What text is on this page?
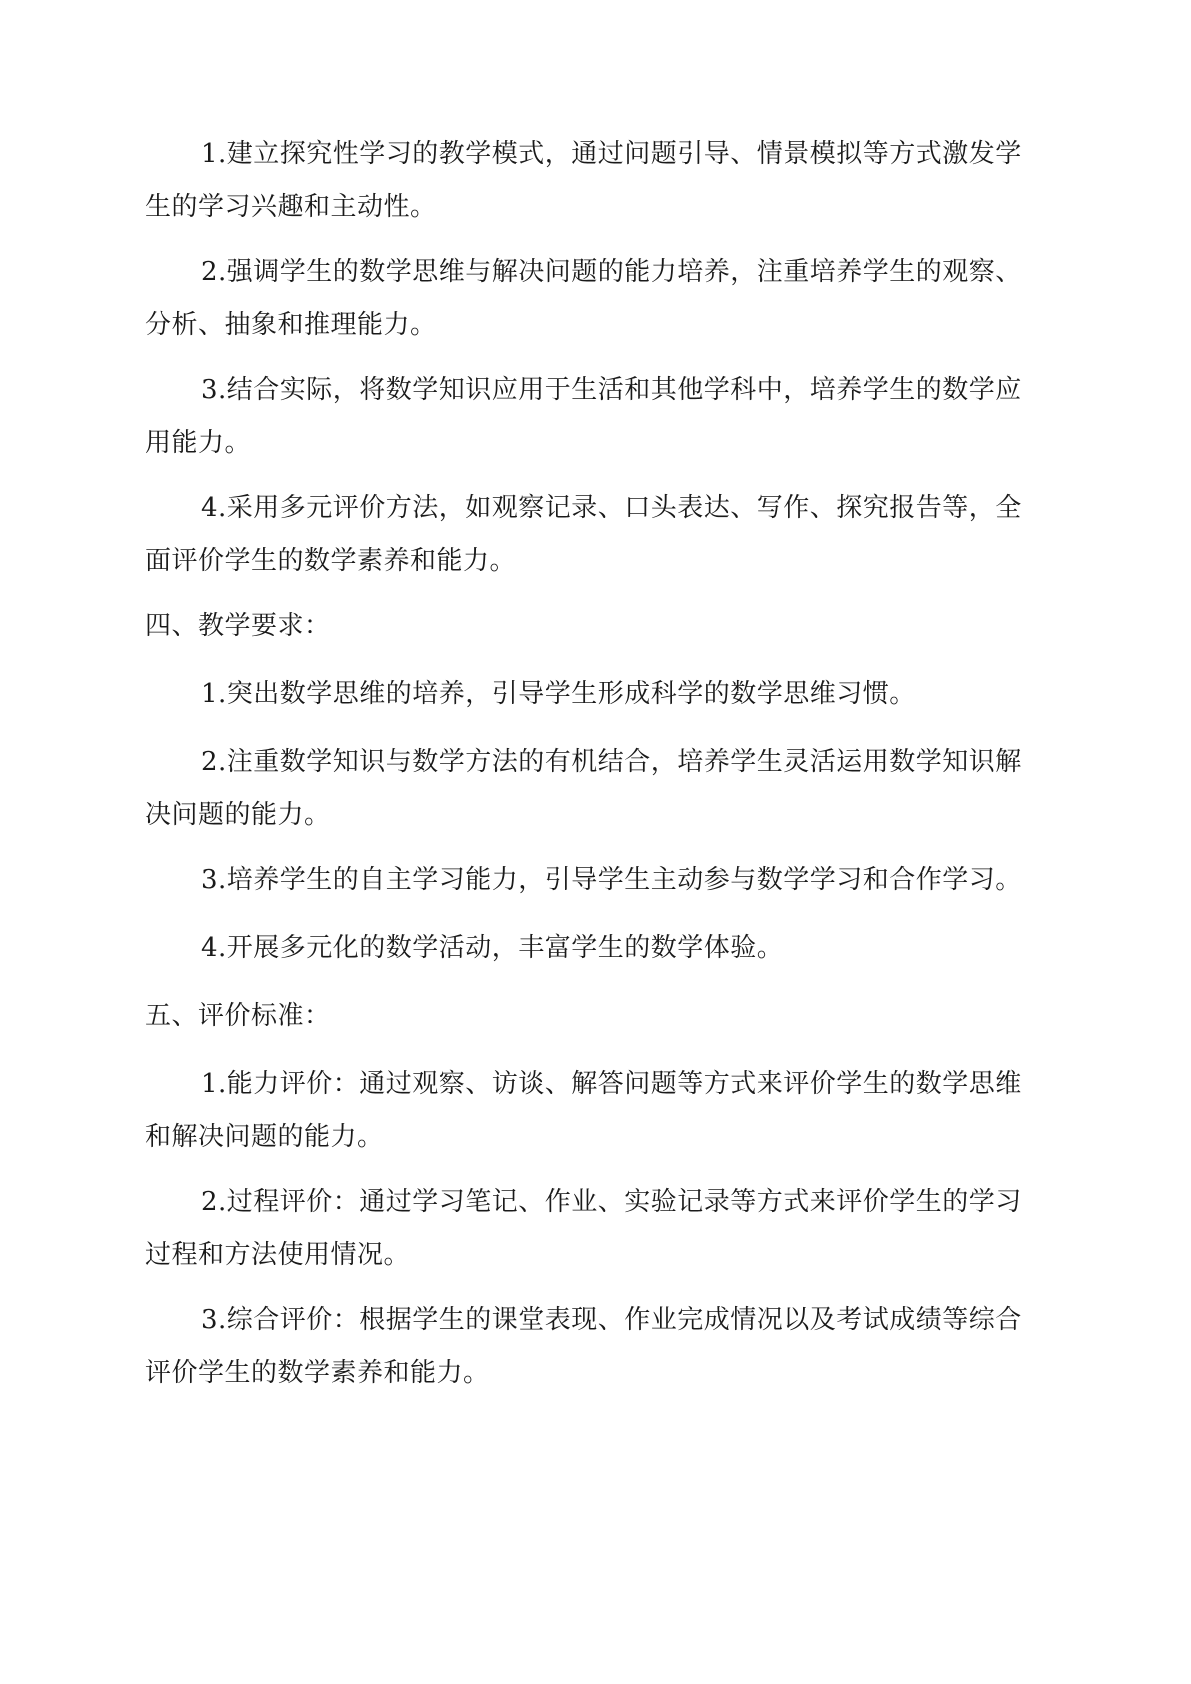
1.建立探究性学习的教学模式，通过问题引导、情景模拟等方式激发学生的学习兴趣和主动性。

2.强调学生的数学思维与解决问题的能力培养，注重培养学生的观察、分析、抽象和推理能力。

3.结合实际，将数学知识应用于生活和其他学科中，培养学生的数学应用能力。

4.采用多元评价方法，如观察记录、口头表达、写作、探究报告等，全面评价学生的数学素养和能力。

四、教学要求：

1.突出数学思维的培养，引导学生形成科学的数学思维习惯。

2.注重数学知识与数学方法的有机结合，培养学生灵活运用数学知识解决问题的能力。

3.培养学生的自主学习能力，引导学生主动参与数学学习和合作学习。

4.开展多元化的数学活动，丰富学生的数学体验。

五、评价标准：

1.能力评价：通过观察、访谈、解答问题等方式来评价学生的数学思维和解决问题的能力。

2.过程评价：通过学习笔记、作业、实验记录等方式来评价学生的学习过程和方法使用情况。

3.综合评价：根据学生的课堂表现、作业完成情况以及考试成绩等综合评价学生的数学素养和能力。
